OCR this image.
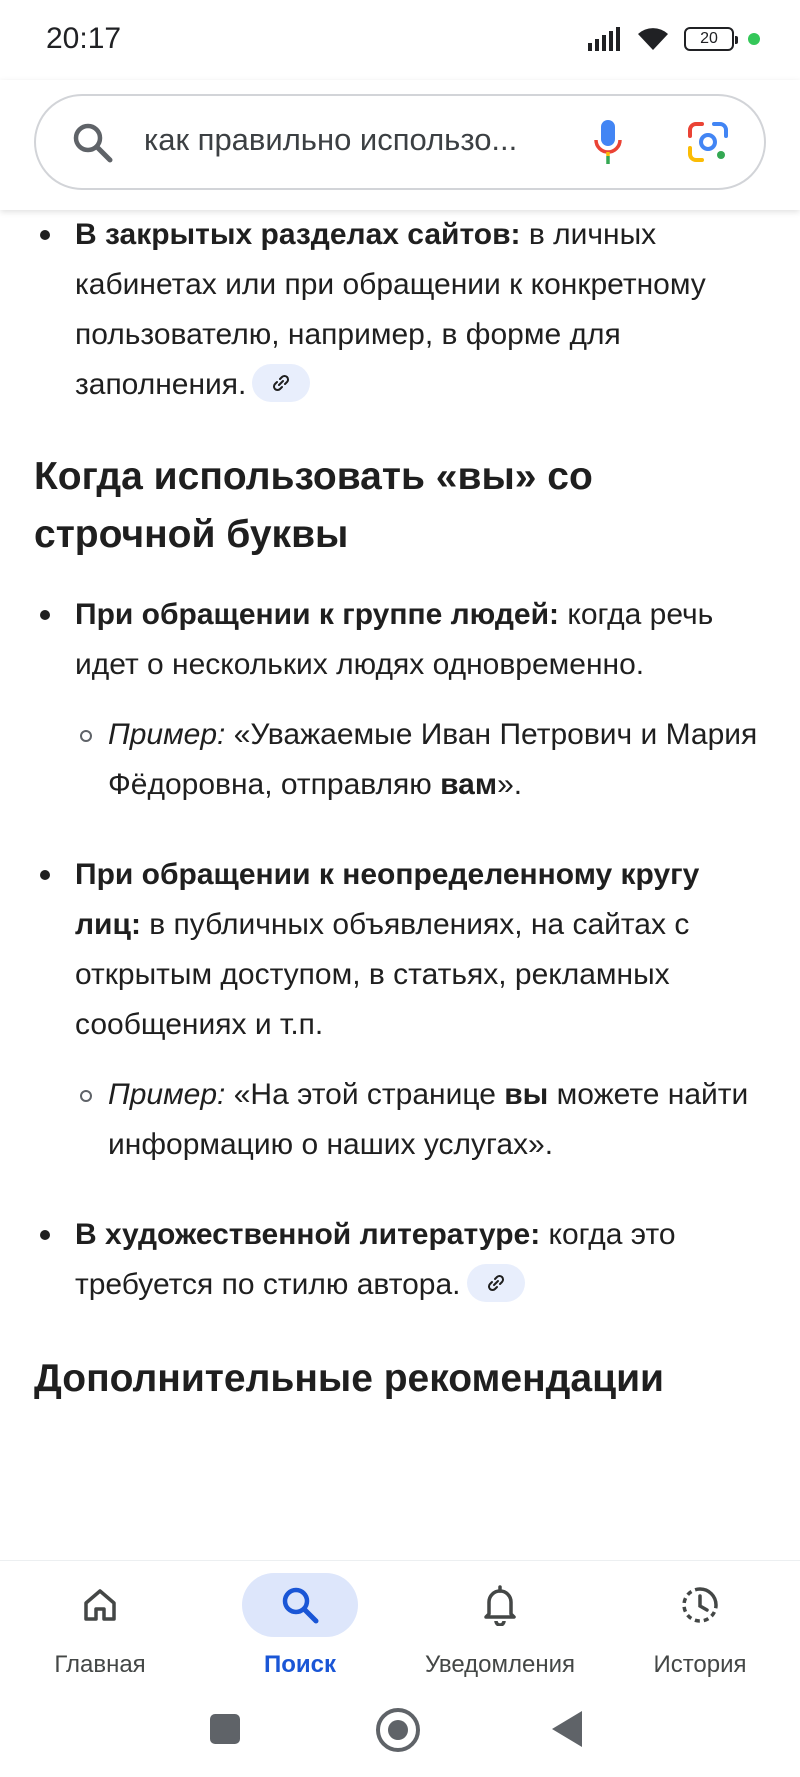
20:17	20
как правильно использо...
В закрытых разделах сайтов: в личных кабинетах или при обращении к конкретному пользователю, например, в форме для заполнения.
Когда использовать «вы» со строчной буквы
При обращении к группе людей: когда речь идет о нескольких людях одновременно.
Пример: «Уважаемые Иван Петрович и Мария Фёдоровна, отправляю вам».
При обращении к неопределенному кругу лиц: в публичных объявлениях, на сайтах с открытым доступом, в статьях, рекламных сообщениях и т.п.
Пример: «На этой странице вы можете найти информацию о наших услугах».
В художественной литературе: когда это требуется по стилю автора.
Дополнительные рекомендации
Главная	Поиск	Уведомления	История
